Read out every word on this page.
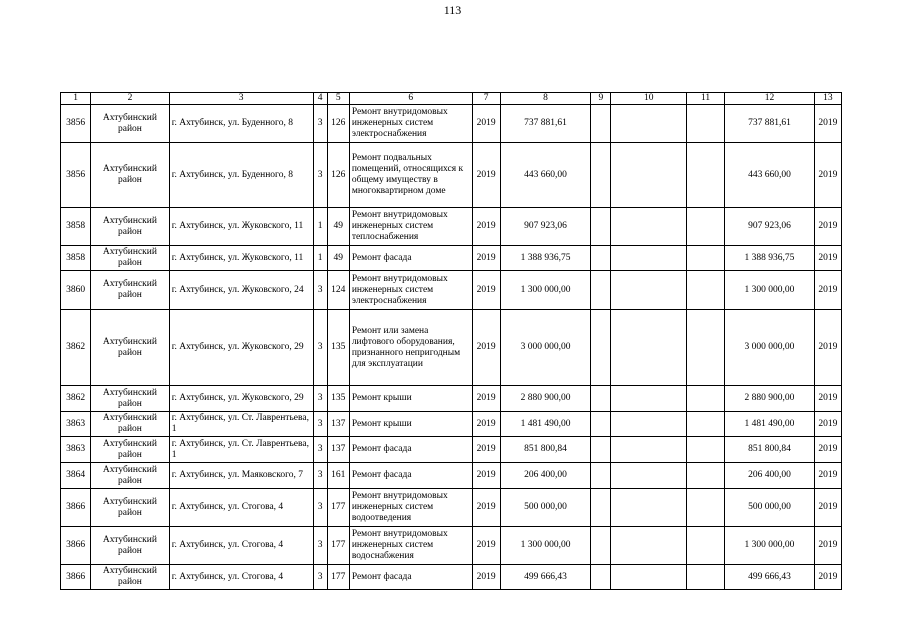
113
1	2	3	4	5	6	7	8	9	10	11	12	13
3856	Ахтубинский район	г. Ахтубинск, ул. Буденного, 8	3	126	Ремонт внутридомовых инженерных систем электроснабжения	2019	737 881,61				737 881,61	2019
3856	Ахтубинский район	г. Ахтубинск, ул. Буденного, 8	3	126	Ремонт подвальных помещений, относящихся к общему имуществу в многоквартирном доме	2019	443 660,00				443 660,00	2019
3858	Ахтубинский район	г. Ахтубинск, ул. Жуковского, 11	1	49	Ремонт внутридомовых инженерных систем теплоснабжения	2019	907 923,06				907 923,06	2019
3858	Ахтубинский район	г. Ахтубинск, ул. Жуковского, 11	1	49	Ремонт фасада	2019	1 388 936,75				1 388 936,75	2019
3860	Ахтубинский район	г. Ахтубинск, ул. Жуковского, 24	3	124	Ремонт внутридомовых инженерных систем электроснабжения	2019	1 300 000,00				1 300 000,00	2019
3862	Ахтубинский район	г. Ахтубинск, ул. Жуковского, 29	3	135	Ремонт или замена лифтового оборудования, признанного непригодным для эксплуатации	2019	3 000 000,00				3 000 000,00	2019
3862	Ахтубинский район	г. Ахтубинск, ул. Жуковского, 29	3	135	Ремонт крыши	2019	2 880 900,00				2 880 900,00	2019
3863	Ахтубинский район	г. Ахтубинск, ул. Ст. Лаврентьева, 1	3	137	Ремонт крыши	2019	1 481 490,00				1 481 490,00	2019
3863	Ахтубинский район	г. Ахтубинск, ул. Ст. Лаврентьева, 1	3	137	Ремонт фасада	2019	851 800,84				851 800,84	2019
3864	Ахтубинский район	г. Ахтубинск, ул. Маяковского, 7	3	161	Ремонт фасада	2019	206 400,00				206 400,00	2019
3866	Ахтубинский район	г. Ахтубинск, ул. Стогова, 4	3	177	Ремонт внутридомовых инженерных систем водоотведения	2019	500 000,00				500 000,00	2019
3866	Ахтубинский район	г. Ахтубинск, ул. Стогова, 4	3	177	Ремонт внутридомовых инженерных систем водоснабжения	2019	1 300 000,00				1 300 000,00	2019
3866	Ахтубинский район	г. Ахтубинск, ул. Стогова, 4	3	177	Ремонт фасада	2019	499 666,43				499 666,43	2019
